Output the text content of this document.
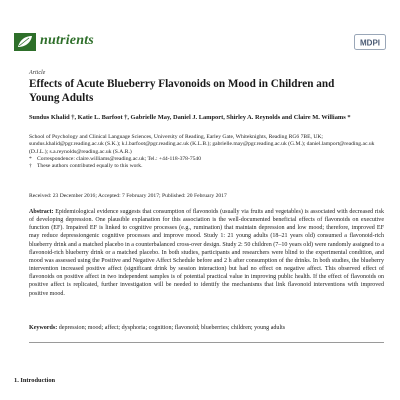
nutrients	MDPI
Article
Effects of Acute Blueberry Flavonoids on Mood in Children and Young Adults
Sundus Khalid †, Katie L. Barfoot †, Gabrielle May, Daniel J. Lamport, Shirley A. Reynolds and Claire M. Williams *

School of Psychology and Clinical Language Sciences, University of Reading, Earley Gate, Whiteknights, Reading RG6 7BE, UK; sundus.khalid@pgr.reading.ac.uk (S.K.); k.l.barfoot@pgr.reading.ac.uk (K.L.B.); gabrielle.may@pgr.reading.ac.uk (G.M.); daniel.lamport@reading.ac.uk (D.J.L.); s.a.reynolds@reading.ac.uk (S.A.R.)

* Correspondence: claire.williams@reading.ac.uk; Tel.: +44-118-378-7540

† These authors contributed equally to this work.

Received: 23 December 2016; Accepted: 7 February 2017; Published: 20 February 2017

Abstract: Epidemiological evidence suggests that consumption of flavonoids (usually via fruits and vegetables) is associated with decreased risk of developing depression. One plausible explanation for this association is the well-documented beneficial effects of flavonoids on executive function (EF). Impaired EF is linked to cognitive processes (e.g., rumination) that maintain depression and low mood; therefore, improved EF may reduce depressiongenic cognitive processes and improve mood. Study 1: 21 young adults (18–21 years old) consumed a flavonoid-rich blueberry drink and a matched placebo in a counterbalanced cross-over design. Study 2: 50 children (7–10 years old) were randomly assigned to a flavonoid-rich blueberry drink or a matched placebo. In both studies, participants and researchers were blind to the experimental condition, and mood was assessed using the Positive and Negative Affect Schedule before and 2 h after consumption of the drinks. In both studies, the blueberry intervention increased positive affect (significant drink by session interaction) but had no effect on negative affect. This observed effect of flavonoids on positive affect in two independent samples is of potential practical value in improving public health. If the effect of flavonoids on positive affect is replicated, further investigation will be needed to identify the mechanisms that link flavonoid interventions with improved positive mood.

Keywords: depression; mood; affect; dysphoria; cognition; flavonoid; blueberries; children; young adults

1. Introduction
